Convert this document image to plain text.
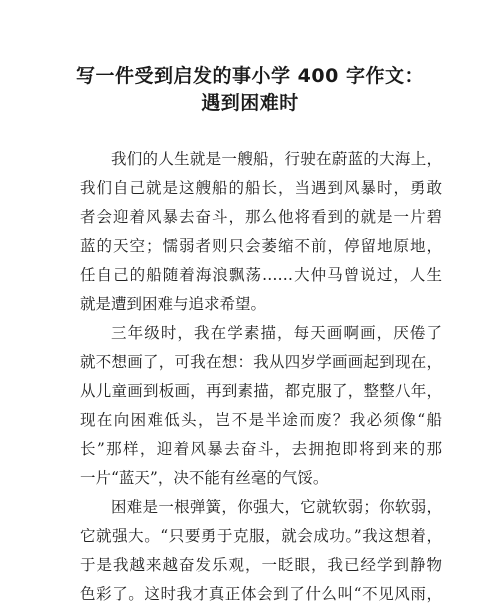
写一件受到启发的事小学 400 字作文：
遇到困难时
我们的人生就是一艘船，行驶在蔚蓝的大海上，
我们自己就是这艘船的船长，当遇到风暴时，勇敢
者会迎着风暴去奋斗，那么他将看到的就是一片碧
蓝的天空；懦弱者则只会萎缩不前，停留地原地，
任自己的船随着海浪飘荡……大仲马曾说过，人生
就是遭到困难与追求希望。
三年级时，我在学素描，每天画啊画，厌倦了
就不想画了，可我在想：我从四岁学画画起到现在，
从儿童画到板画，再到素描，都克服了，整整八年，
现在向困难低头，岂不是半途而废？我必须像“船
长”那样，迎着风暴去奋斗，去拥抱即将到来的那
一片“蓝天”，决不能有丝毫的气馁。
困难是一根弹簧，你强大，它就软弱；你软弱，
它就强大。“只要勇于克服，就会成功。”我这想着，
于是我越来越奋发乐观，一眨眼，我已经学到静物
色彩了。这时我才真正体会到了什么叫“不见风雨，
